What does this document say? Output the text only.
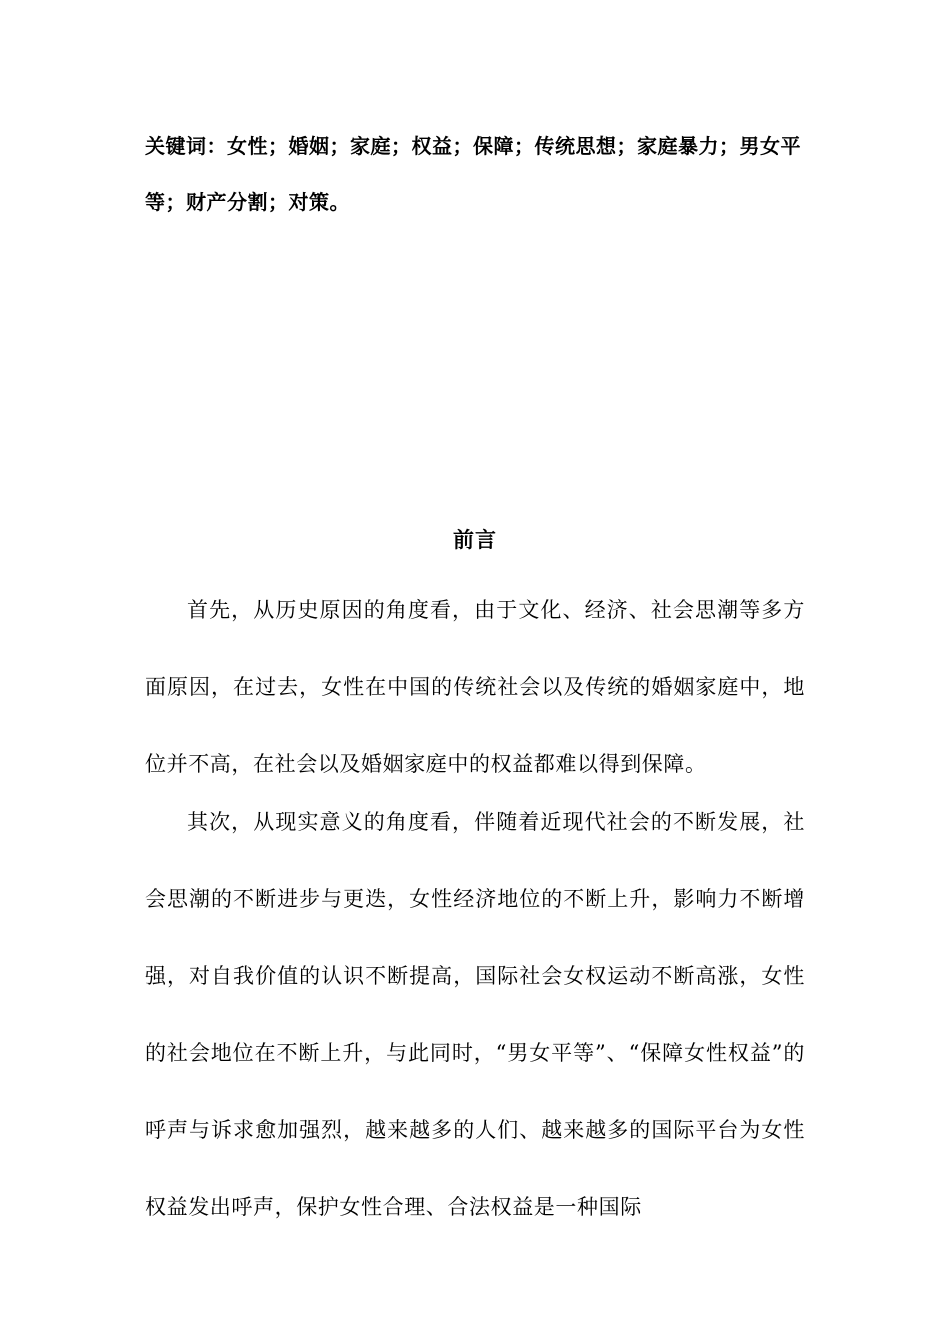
关键词：女性；婚姻；家庭；权益；保障；传统思想；家庭暴力；男女平等；财产分割；对策。
前言

首先，从历史原因的角度看，由于文化、经济、社会思潮等多方面原因，在过去，女性在中国的传统社会以及传统的婚姻家庭中，地位并不高，在社会以及婚姻家庭中的权益都难以得到保障。

其次，从现实意义的角度看，伴随着近现代社会的不断发展，社会思潮的不断进步与更迭，女性经济地位的不断上升，影响力不断增强，对自我价值的认识不断提高，国际社会女权运动不断高涨，女性的社会地位在不断上升，与此同时，“男女平等”、“保障女性权益”的呼声与诉求愈加强烈，越来越多的人们、越来越多的国际平台为女性权益发出呼声，保护女性合理、合法权益是一种国际
